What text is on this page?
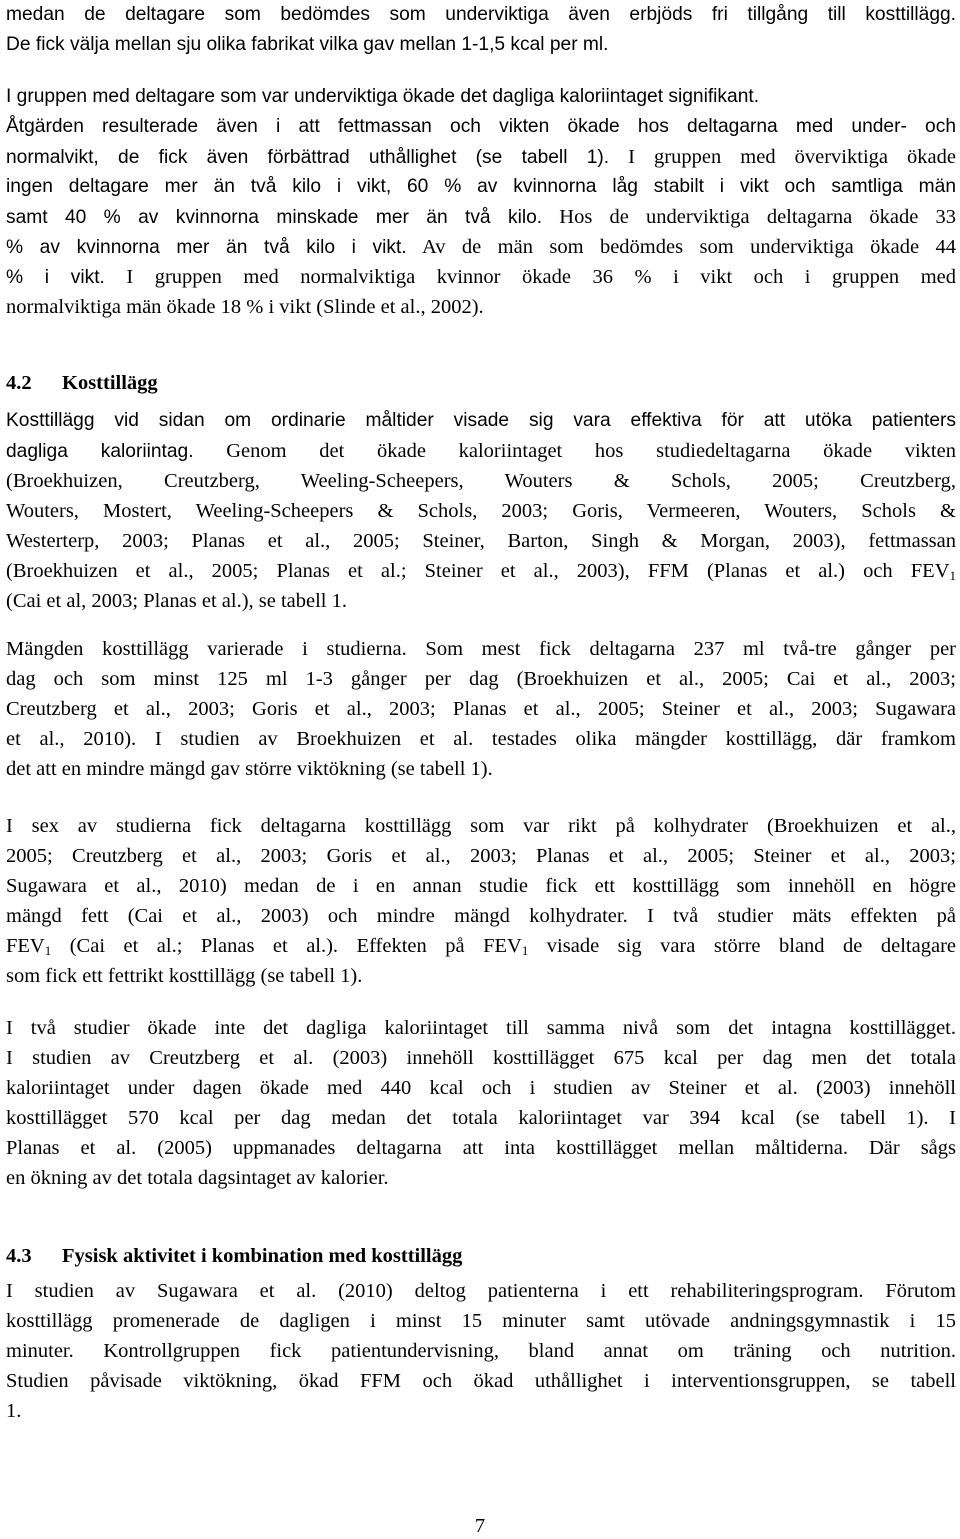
medan de deltagare som bedömdes som underviktiga även erbjöds fri tillgång till kosttillägg.
De fick välja mellan sju olika fabrikat vilka gav mellan 1-1,5 kcal per ml.
I gruppen med deltagare som var underviktiga ökade det dagliga kaloriintaget signifikant.
Åtgärden resulterade även i att fettmassan och vikten ökade hos deltagarna med under- och
normalvikt, de fick även förbättrad uthållighet (se tabell 1). I gruppen med överviktiga ökade
ingen deltagare mer än två kilo i vikt, 60 % av kvinnorna låg stabilt i vikt och samtliga män
samt 40 % av kvinnorna minskade mer än två kilo. Hos de underviktiga deltagarna ökade 33
% av kvinnorna mer än två kilo i vikt. Av de män som bedömdes som underviktiga ökade 44
% i vikt. I gruppen med normalviktiga kvinnor ökade 36 % i vikt och i gruppen med
normalviktiga män ökade 18 % i vikt (Slinde et al., 2002).
4.2 Kosttillägg
Kosttillägg vid sidan om ordinarie måltider visade sig vara effektiva för att utöka patienters
dagliga kaloriintag. Genom det ökade kaloriintaget hos studiedeltagarna ökade vikten
(Broekhuizen, Creutzberg, Weeling-Scheepers, Wouters & Schols, 2005; Creutzberg,
Wouters, Mostert, Weeling-Scheepers & Schols, 2003; Goris, Vermeeren, Wouters, Schols &
Westerterp, 2003; Planas et al., 2005; Steiner, Barton, Singh & Morgan, 2003), fettmassan
(Broekhuizen et al., 2005; Planas et al.; Steiner et al., 2003), FFM (Planas et al.) och $FEV_1$
(Cai et al, 2003; Planas et al.), se tabell 1.
Mängden kosttillägg varierade i studierna. Som mest fick deltagarna 237 ml två-tre gånger per
dag och som minst 125 ml 1-3 gånger per dag (Broekhuizen et al., 2005; Cai et al., 2003;
Creutzberg et al., 2003; Goris et al., 2003; Planas et al., 2005; Steiner et al., 2003; Sugawara
et al., 2010). I studien av Broekhuizen et al. testades olika mängder kosttillägg, där framkom
det att en mindre mängd gav större viktökning (se tabell 1).
I sex av studierna fick deltagarna kosttillägg som var rikt på kolhydrater (Broekhuizen et al.,
2005; Creutzberg et al., 2003; Goris et al., 2003; Planas et al., 2005; Steiner et al., 2003;
Sugawara et al., 2010) medan de i en annan studie fick ett kosttillägg som innehöll en högre
mängd fett (Cai et al., 2003) och mindre mängd kolhydrater. I två studier mäts effekten på
$FEV_1$ (Cai et al.; Planas et al.). Effekten på $FEV_1$ visade sig vara större bland de deltagare
som fick ett fettrikt kosttillägg (se tabell 1).
I två studier ökade inte det dagliga kaloriintaget till samma nivå som det intagna kosttillägget.
I studien av Creutzberg et al. (2003) innehöll kosttillägget 675 kcal per dag men det totala
kaloriintaget under dagen ökade med 440 kcal och i studien av Steiner et al. (2003) innehöll
kosttillägget 570 kcal per dag medan det totala kaloriintaget var 394 kcal (se tabell 1). I
Planas et al. (2005) uppmanades deltagarna att inta kosttillägget mellan måltiderna. Där sågs
en ökning av det totala dagsintaget av kalorier.
4.3 Fysisk aktivitet i kombination med kosttillägg
I studien av Sugawara et al. (2010) deltog patienterna i ett rehabiliteringsprogram. Förutom
kosttillägg promenerade de dagligen i minst 15 minuter samt utövade andningsgymnastik i 15
minuter. Kontrollgruppen fick patientundervisning, bland annat om träning och nutrition.
Studien påvisade viktökning, ökad FFM och ökad uthållighet i interventionsgruppen, se tabell
1.
7
